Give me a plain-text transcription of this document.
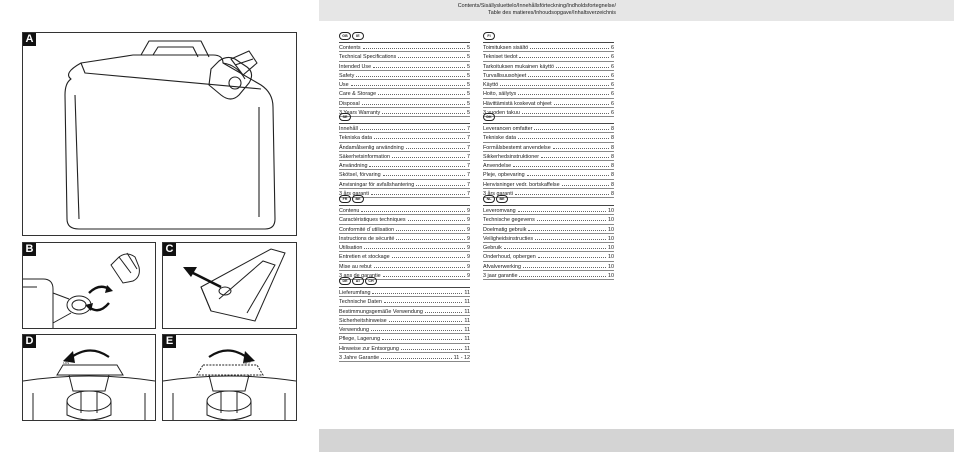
A
B	C
ON
D
OFF
E
Contents/Sisällysluettelo/Innehållsförteckning/Indholdsfortegnelse/
Table des matieres/Inhoudsopgave/Inhaltsverzeichnis
GB IE
Contents	5
Technical Specifications	5
Intended Use	5
Safety	5
Use	5
Care & Storage	5
Disposal	5
3 Years Warranty	5
FI
Toimituksen sisältö	6
Tekniset tiedot	6
Tarkoituksen mukainen käyttö	6
Turvallisuusohjeet	6
Käyttö	6
Hoito, säilytys	6
Hävittämistä koskevat ohjeet	6
3 vuoden takuu	6
SE
Innehåll	7
Tekniska data	7
Ändamålsenlig användning	7
Säkerhetsinformation	7
Användning	7
Skötsel, förvaring	7
Anvisningar för avfallshantering	7
3 års garanti	7
DK
Leverancen omfatter	8
Tekniske data	8
Formålsbestemt anvendelse	8
Sikkerhedsinstruktioner	8
Anvendelse	8
Pleje, opbevaring	8
Henvisninger vedr. bortskaffelse	8
3 års garanti	8
FR BE
Contenu	9
Caractéristiques techniques	9
Conformité d´utilisation	9
Instructions de sécurité	9
Utilisation	9
Entretien et stockage	9
Mise au rebut	9
3 ans de garantie	9
NL BE
Leveromvang	10
Technische gegevens	10
Doelmatig gebruik	10
Veiligheidsinstructies	10
Gebruik	10
Onderhoud, opbergen	10
Afvalverwerking	10
3 jaar garantie	10
DE AT CH
Lieferumfang	11
Technische Daten	11
Bestimmungsgemäße Verwendung	11
Sicherheitshinweise	11
Verwendung	11
Pflege, Lagerung	11
Hinweise zur Entsorgung	11
3 Jahre Garantie	11 - 12
